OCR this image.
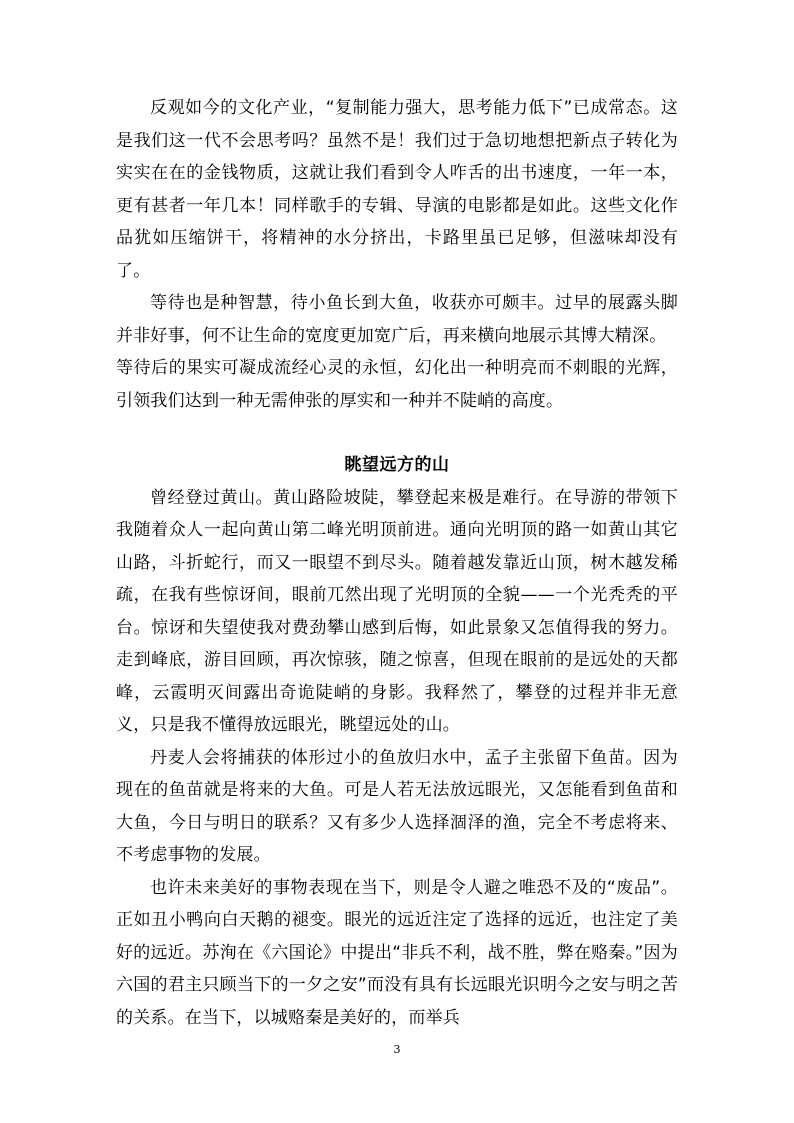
反观如今的文化产业，“复制能力强大，思考能力低下”已成常态。这是我们这一代不会思考吗？虽然不是！我们过于急切地想把新点子转化为实实在在的金钱物质，这就让我们看到令人咋舌的出书速度，一年一本，更有甚者一年几本！同样歌手的专辑、导演的电影都是如此。这些文化作品犹如压缩饼干，将精神的水分挤出，卡路里虽已足够，但滋味却没有了。

等待也是种智慧，待小鱼长到大鱼，收获亦可颇丰。过早的展露头脚并非好事，何不让生命的宽度更加宽广后，再来横向地展示其博大精深。

等待后的果实可凝成流经心灵的永恒，幻化出一种明亮而不刺眼的光辉，引领我们达到一种无需伸张的厚实和一种并不陡峭的高度。

眺望远方的山

曾经登过黄山。黄山路险坡陡，攀登起来极是难行。在导游的带领下我随着众人一起向黄山第二峰光明顶前进。通向光明顶的路一如黄山其它山路，斗折蛇行，而又一眼望不到尽头。随着越发靠近山顶，树木越发稀疏，在我有些惊讶间，眼前兀然出现了光明顶的全貌——一个光秃秃的平台。惊讶和失望使我对费劲攀山感到后悔，如此景象又怎值得我的努力。走到峰底，游目回顾，再次惊骇，随之惊喜，但现在眼前的是远处的天都峰，云霞明灭间露出奇诡陡峭的身影。我释然了，攀登的过程并非无意义，只是我不懂得放远眼光，眺望远处的山。

丹麦人会将捕获的体形过小的鱼放归水中，孟子主张留下鱼苗。因为现在的鱼苗就是将来的大鱼。可是人若无法放远眼光，又怎能看到鱼苗和大鱼，今日与明日的联系？又有多少人选择涸泽的渔，完全不考虑将来、不考虑事物的发展。

也许未来美好的事物表现在当下，则是令人避之唯恐不及的“废品”。正如丑小鸭向白天鹅的褪变。眼光的远近注定了选择的远近，也注定了美好的远近。苏洵在《六国论》中提出“非兵不利，战不胜，弊在赂秦。”因为六国的君主只顾当下的一夕之安”而没有具有长远眼光识明今之安与明之苦的关系。在当下，以城赂秦是美好的，而举兵

3
